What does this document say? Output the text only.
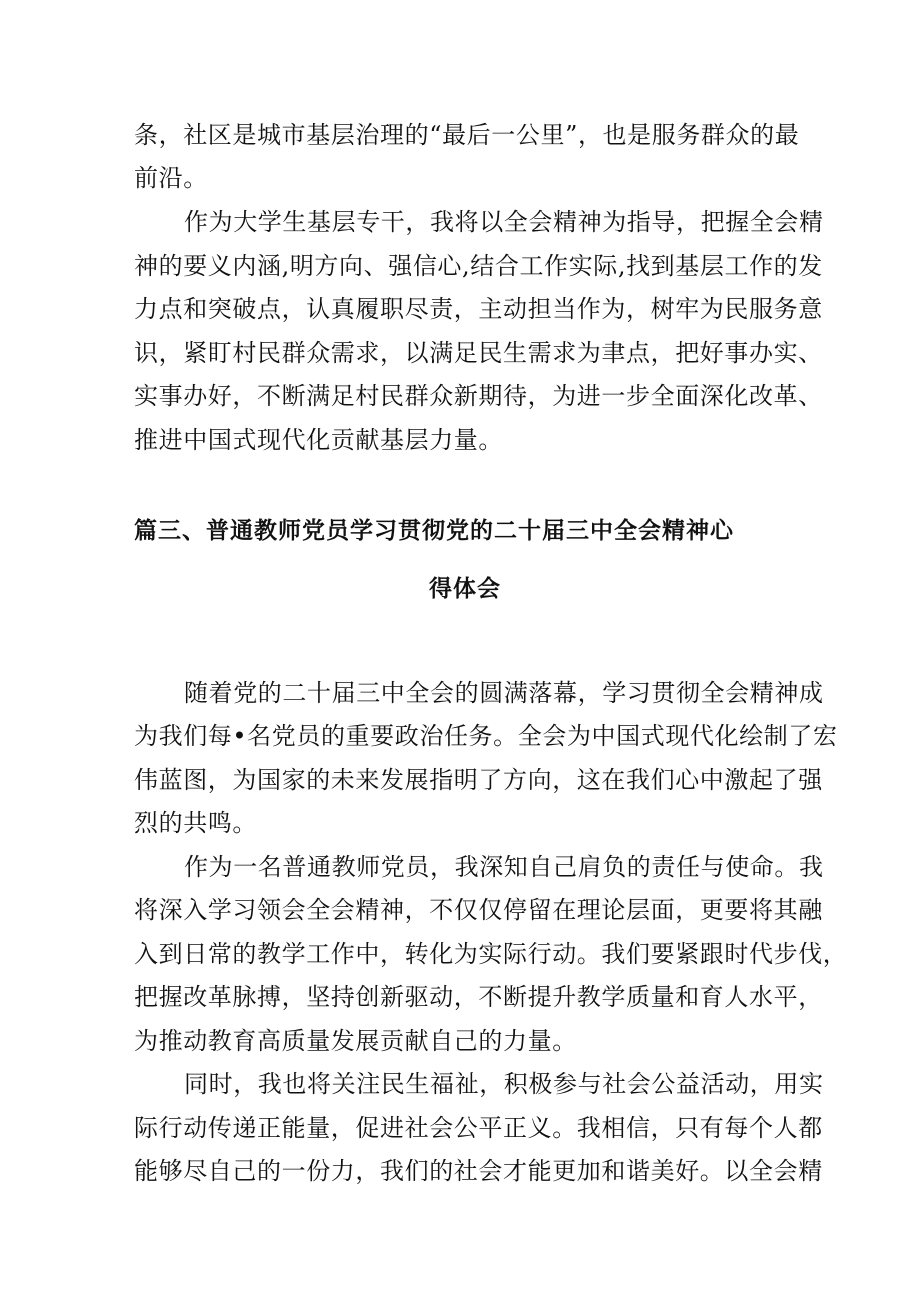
条，社区是城市基层治理的“最后一公里”，也是服务群众的最
前沿。
作为大学生基层专干，我将以全会精神为指导，把握全会精
神的要义内涵,明方向、强信心,结合工作实际,找到基层工作的发
力点和突破点，认真履职尽责，主动担当作为，树牢为民服务意
识，紧盯村民群众需求，以满足民生需求为聿点，把好事办实、
实事办好，不断满足村民群众新期待，为进一步全面深化改革、
推进中国式现代化贡献基层力量。
篇三、普通教师党员学习贯彻党的二十届三中全会精神心
得体会
随着党的二十届三中全会的圆满落幕，学习贯彻全会精神成
为我们每•名党员的重要政治任务。全会为中国式现代化绘制了宏
伟蓝图，为国家的未来发展指明了方向，这在我们心中激起了强
烈的共鸣。
作为一名普通教师党员，我深知自己肩负的责任与使命。我
将深入学习领会全会精神，不仅仅停留在理论层面，更要将其融
入到日常的教学工作中，转化为实际行动。我们要紧跟时代步伐，
把握改革脉搏，坚持创新驱动，不断提升教学质量和育人水平，
为推动教育高质量发展贡献自己的力量。
同时，我也将关注民生福祉，积极参与社会公益活动，用实
际行动传递正能量，促进社会公平正义。我相信，只有每个人都
能够尽自己的一份力，我们的社会才能更加和谐美好。以全会精
